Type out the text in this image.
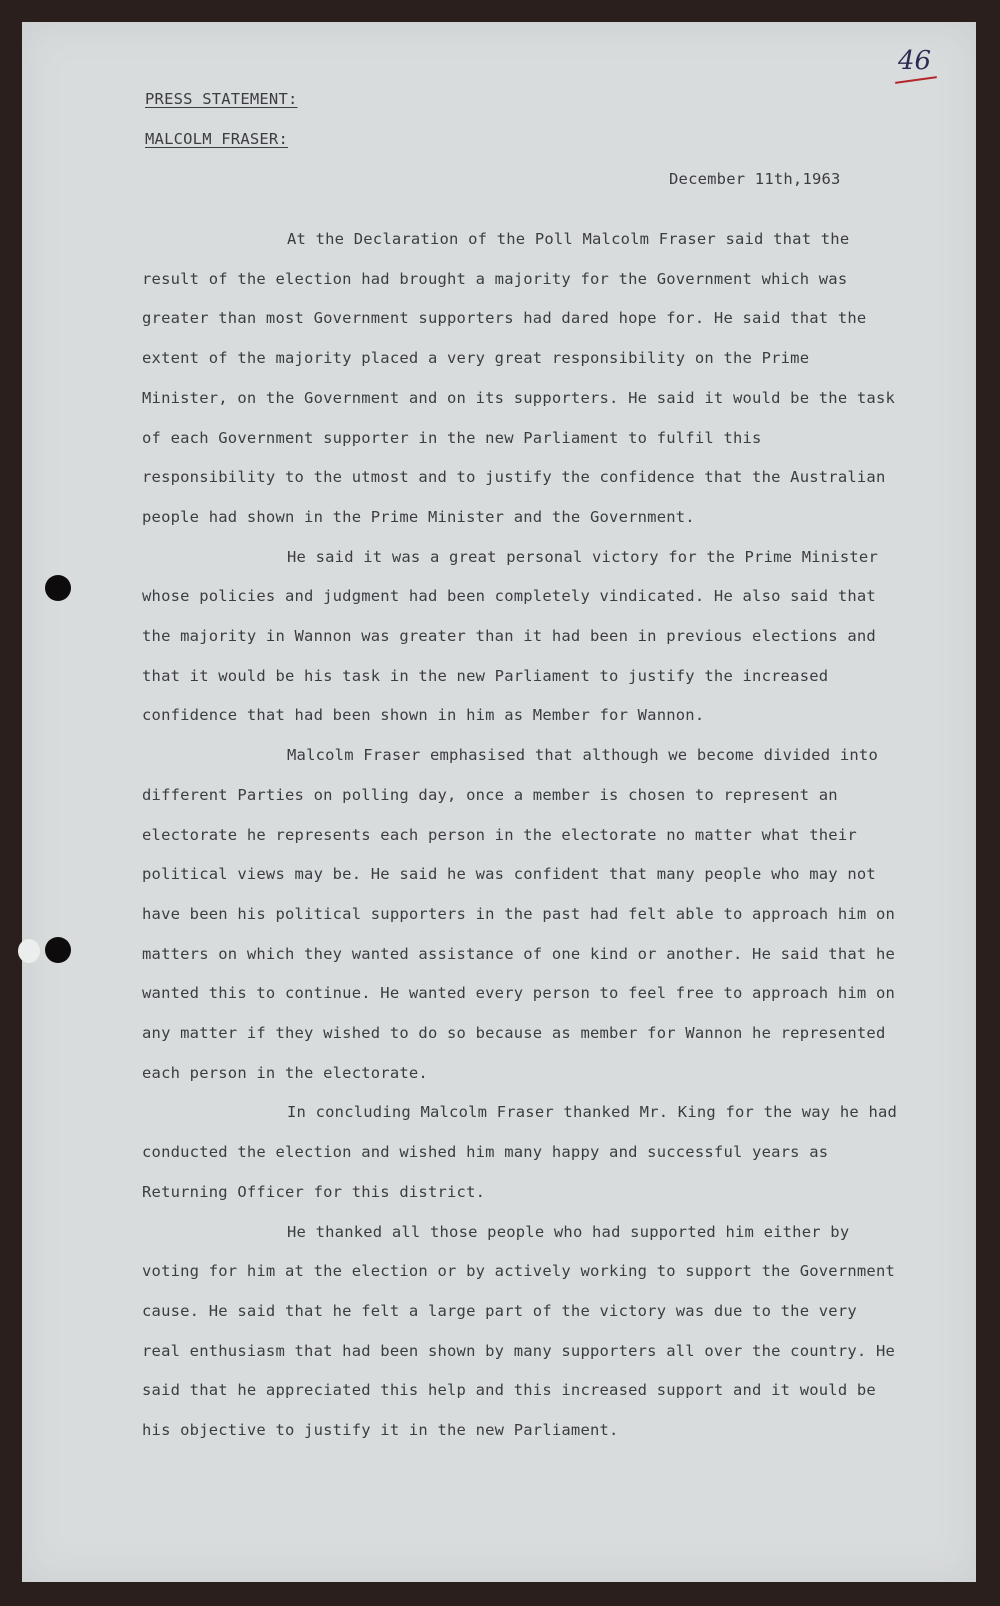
46

PRESS STATEMENT:
MALCOLM FRASER:

December 11th,1963

At the Declaration of the Poll Malcolm Fraser said that the result of the election had brought a majority for the Government which was greater than most Government supporters had dared hope for. He said that the extent of the majority placed a very great responsibility on the Prime Minister, on the Government and on its supporters. He said it would be the task of each Government supporter in the new Parliament to fulfil this responsibility to the utmost and to justify the confidence that the Australian people had shown in the Prime Minister and the Government.

He said it was a great personal victory for the Prime Minister whose policies and judgment had been completely vindicated. He also said that the majority in Wannon was greater than it had been in previous elections and that it would be his task in the new Parliament to justify the increased confidence that had been shown in him as Member for Wannon.

Malcolm Fraser emphasised that although we become divided into different Parties on polling day, once a member is chosen to represent an electorate he represents each person in the electorate no matter what their political views may be. He said he was confident that many people who may not have been his political supporters in the past had felt able to approach him on matters on which they wanted assistance of one kind or another. He said that he wanted this to continue. He wanted every person to feel free to approach him on any matter if they wished to do so because as member for Wannon he represented each person in the electorate.

In concluding Malcolm Fraser thanked Mr. King for the way he had conducted the election and wished him many happy and successful years as Returning Officer for this district.

He thanked all those people who had supported him either by voting for him at the election or by actively working to support the Government cause. He said that he felt a large part of the victory was due to the very real enthusiasm that had been shown by many supporters all over the country. He said that he appreciated this help and this increased support and it would be his objective to justify it in the new Parliament.
